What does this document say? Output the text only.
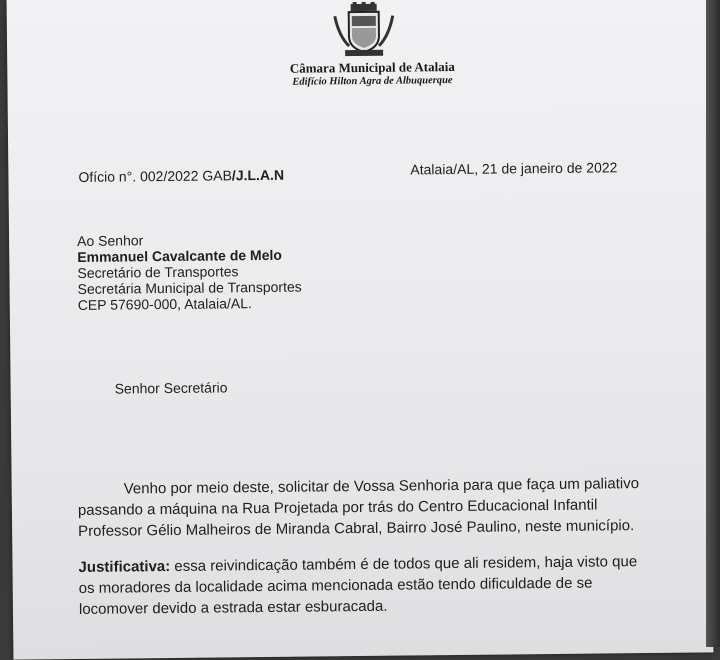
Câmara Municipal de Atalaia
Edifício Hilton Agra de Albuquerque
Ofício n°. 002/2022 GAB/J.L.A.N	Atalaia/AL, 21 de janeiro de 2022
Ao Senhor
Emmanuel Cavalcante de Melo
Secretário de Transportes
Secretária Municipal de Transportes
CEP 57690-000, Atalaia/AL.
Senhor Secretário
Venho por meio deste, solicitar de Vossa Senhoria para que faça um paliativo
passando a máquina na Rua Projetada por trás do Centro Educacional Infantil
Professor Gélio Malheiros de Miranda Cabral, Bairro José Paulino, neste município.
Justificativa: essa reivindicação também é de todos que ali residem, haja visto que
os moradores da localidade acima mencionada estão tendo dificuldade de se
locomover devido a estrada estar esburacada.
